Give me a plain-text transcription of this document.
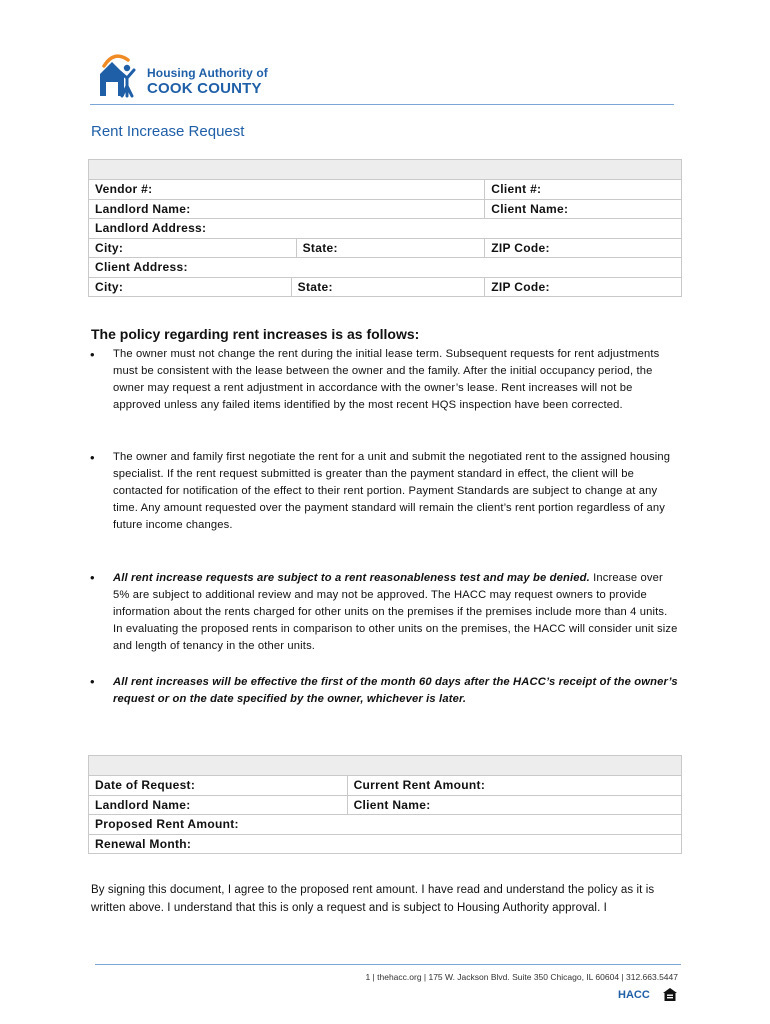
Housing Authority of
COOK COUNTY
Rent Increase Request

Vendor #:			Client #:
Landlord Name:			Client Name:
Landlord Address:			
City:		State:	ZIP Code:
Client Address:			
City:	State:		ZIP Code:
The policy regarding rent increases is as follows:
•	The owner must not change the rent during the initial lease term. Subsequent requests for rent adjustments must be consistent with the lease between the owner and the family. After the initial occupancy period, the owner may request a rent adjustment in accordance with the owner’s lease. Rent increases will not be approved unless any failed items identified by the most recent HQS inspection have been corrected.
•	The owner and family first negotiate the rent for a unit and submit the negotiated rent to the assigned housing specialist. If the rent request submitted is greater than the payment standard in effect, the client will be contacted for notification of the effect to their rent portion. Payment Standards are subject to change at any time. Any amount requested over the payment standard will remain the client’s rent portion regardless of any future income changes.
•	All rent increase requests are subject to a rent reasonableness test and may be denied. Increase over 5% are subject to additional review and may not be approved. The HACC may request owners to provide information about the rents charged for other units on the premises if the premises include more than 4 units. In evaluating the proposed rents in comparison to other units on the premises, the HACC will consider unit size and length of tenancy in the other units.
•	All rent increases will be effective the first of the month 60 days after the HACC’s receipt of the owner’s request or on the date specified by the owner, whichever is later.

Date of Request:	Current Rent Amount:
Landlord Name:	Client Name:
Proposed Rent Amount:	
Renewal Month:	
By signing this document, I agree to the proposed rent amount. I have read and understand the policy as it is written above. I understand that this is only a request and is subject to Housing Authority approval. I
1 | thehacc.org | 175 W. Jackson Blvd. Suite 350 Chicago, IL 60604 | 312.663.5447
HACC
